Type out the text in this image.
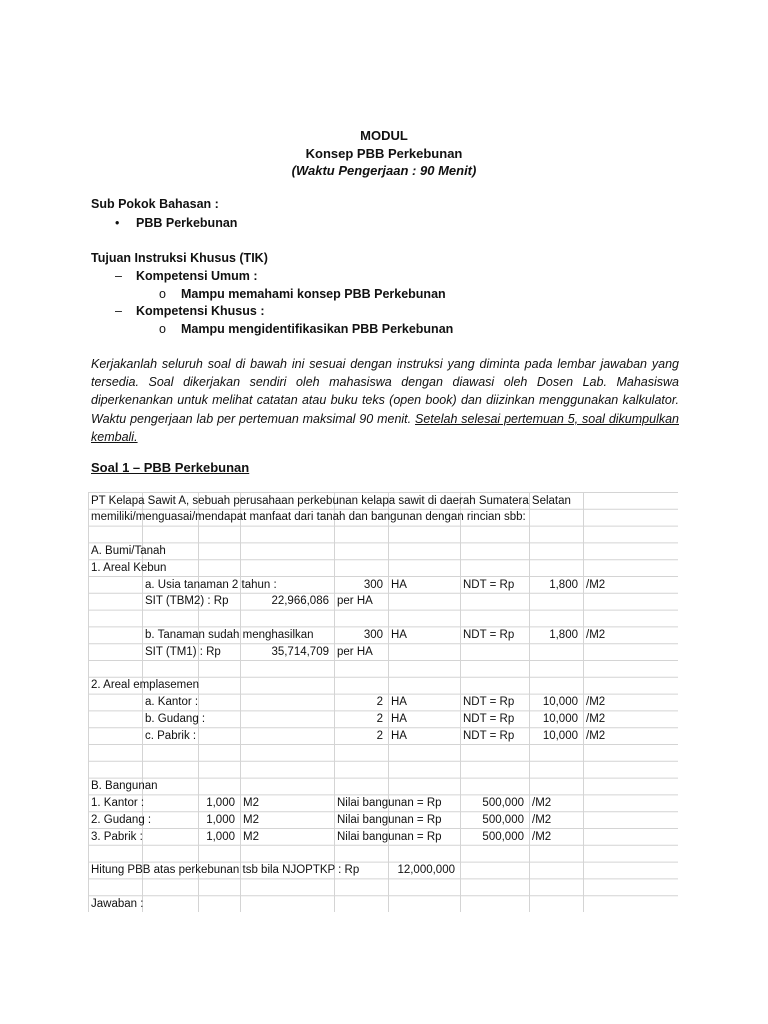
MODUL
Konsep PBB Perkebunan
(Waktu Pengerjaan : 90 Menit)
Sub Pokok Bahasan :
• PBB Perkebunan
Tujuan Instruksi Khusus (TIK)
– Kompetensi Umum :
o Mampu memahami konsep PBB Perkebunan
– Kompetensi Khusus :
o Mampu mengidentifikasikan PBB Perkebunan
Kerjakanlah seluruh soal di bawah ini sesuai dengan instruksi yang diminta pada lembar jawaban yang tersedia. Soal dikerjakan sendiri oleh mahasiswa dengan diawasi oleh Dosen Lab. Mahasiswa diperkenankan untuk melihat catatan atau buku teks (open book) dan diizinkan menggunakan kalkulator. Waktu pengerjaan lab per pertemuan maksimal 90 menit. Setelah selesai pertemuan 5, soal dikumpulkan kembali.
Soal 1 – PBB Perkebunan
PT Kelapa Sawit A, sebuah perusahaan perkebunan kelapa sawit di daerah Sumatera Selatan
memiliki/menguasai/mendapat manfaat dari tanah dan bangunan dengan rincian sbb:
A. Bumi/Tanah
1. Areal Kebun
a. Usia tanaman 2 tahun :	300 HA	NDT = Rp	1,800 /M2
SIT (TBM2) : Rp	22,966,086 per HA
b. Tanaman sudah menghasilkan	300 HA	NDT = Rp	1,800 /M2
SIT (TM1) : Rp	35,714,709 per HA
2. Areal emplasemen
a. Kantor :	2 HA	NDT = Rp	10,000 /M2
b. Gudang :	2 HA	NDT = Rp	10,000 /M2
c. Pabrik :	2 HA	NDT = Rp	10,000 /M2
B. Bangunan
1. Kantor :	1,000 M2	Nilai bangunan = Rp	500,000 /M2
2. Gudang :	1,000 M2	Nilai bangunan = Rp	500,000 /M2
3. Pabrik :	1,000 M2	Nilai bangunan = Rp	500,000 /M2
Hitung PBB atas perkebunan tsb bila NJOPTKP : Rp	12,000,000
Jawaban :
